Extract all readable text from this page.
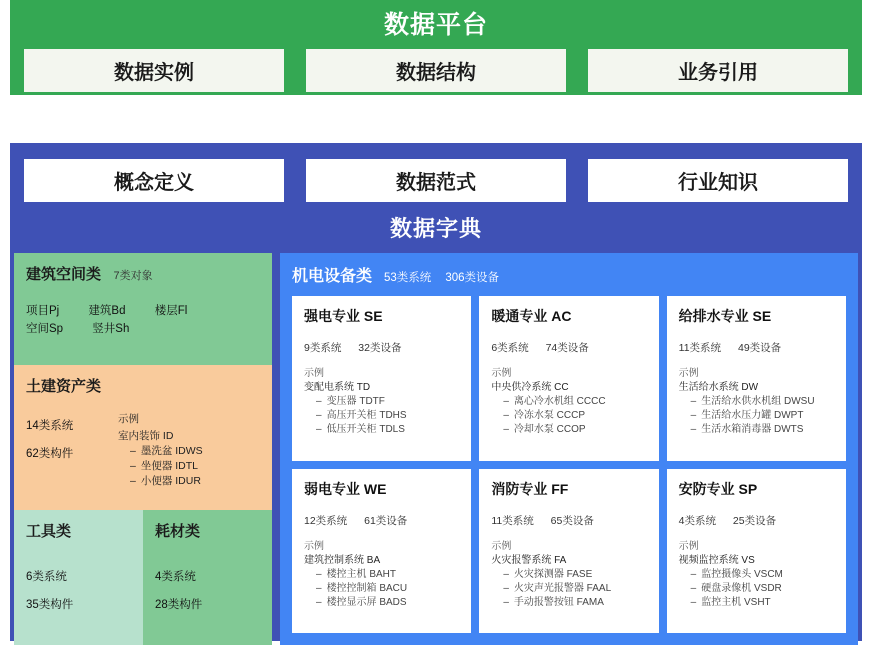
数据平台
数据实例	数据结构	业务引用
概念定义	数据范式	行业知识
数据字典
建筑空间类 7类对象
项目Pj	建筑Bd	楼层Fl
空间Sp	竖井Sh
土建资产类
14类系统
62类构件
示例
室内装饰 ID
– 墨洗盆 IDWS
– 坐便器 IDTL
– 小便器 IDUR
工具类
6类系统
35类构件
耗材类
4类系统
28类构件
机电设备类 53类系统 306类设备
强电专业 SE
9类系统 32类设备
示例
变配电系统 TD
– 变压器 TDTF
– 高压开关柜 TDHS
– 低压开关柜 TDLS
暖通专业 AC
6类系统 74类设备
示例
中央供冷系统 CC
– 离心冷水机组 CCCC
– 冷冻水泵 CCCP
– 冷却水泵 CCOP
给排水专业 SE
11类系统 49类设备
示例
生活给水系统 DW
– 生活给水供水机组 DWSU
– 生活给水压力罐 DWPT
– 生活水箱消毒器 DWTS
弱电专业 WE
12类系统 61类设备
示例
建筑控制系统 BA
– 楼控主机 BAHT
– 楼控控制箱 BACU
– 楼控显示屏 BADS
消防专业 FF
11类系统 65类设备
示例
火灾报警系统 FA
– 火灾探测器 FASE
– 火灾声光报警器 FAAL
– 手动报警按钮 FAMA
安防专业 SP
4类系统 25类设备
示例
视频监控系统 VS
– 监控摄像头 VSCM
– 硬盘录像机 VSDR
– 监控主机 VSHT
